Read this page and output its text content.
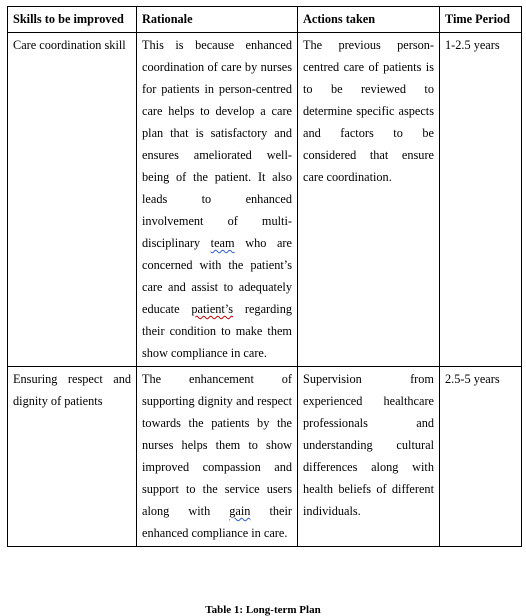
Skills to be improved	Rationale	Actions taken	Time Period
Care coordination skill	This is because enhanced coordination of care by nurses for patients in person-centred care helps to develop a care plan that is satisfactory and ensures ameliorated well-being of the patient. It also leads to enhanced involvement of multi-disciplinary team who are concerned with the patient’s care and assist to adequately educate patient’s regarding their condition to make them show compliance in care.	The previous person-centred care of patients is to be reviewed to determine specific aspects and factors to be considered that ensure care coordination.	1-2.5 years
Ensuring respect and dignity of patients	The enhancement of supporting dignity and respect towards the patients by the nurses helps them to show improved compassion and support to the service users along with gain their enhanced compliance in care.	Supervision from experienced healthcare professionals and understanding cultural differences along with health beliefs of different individuals.	2.5-5 years
Table 1: Long-term Plan
